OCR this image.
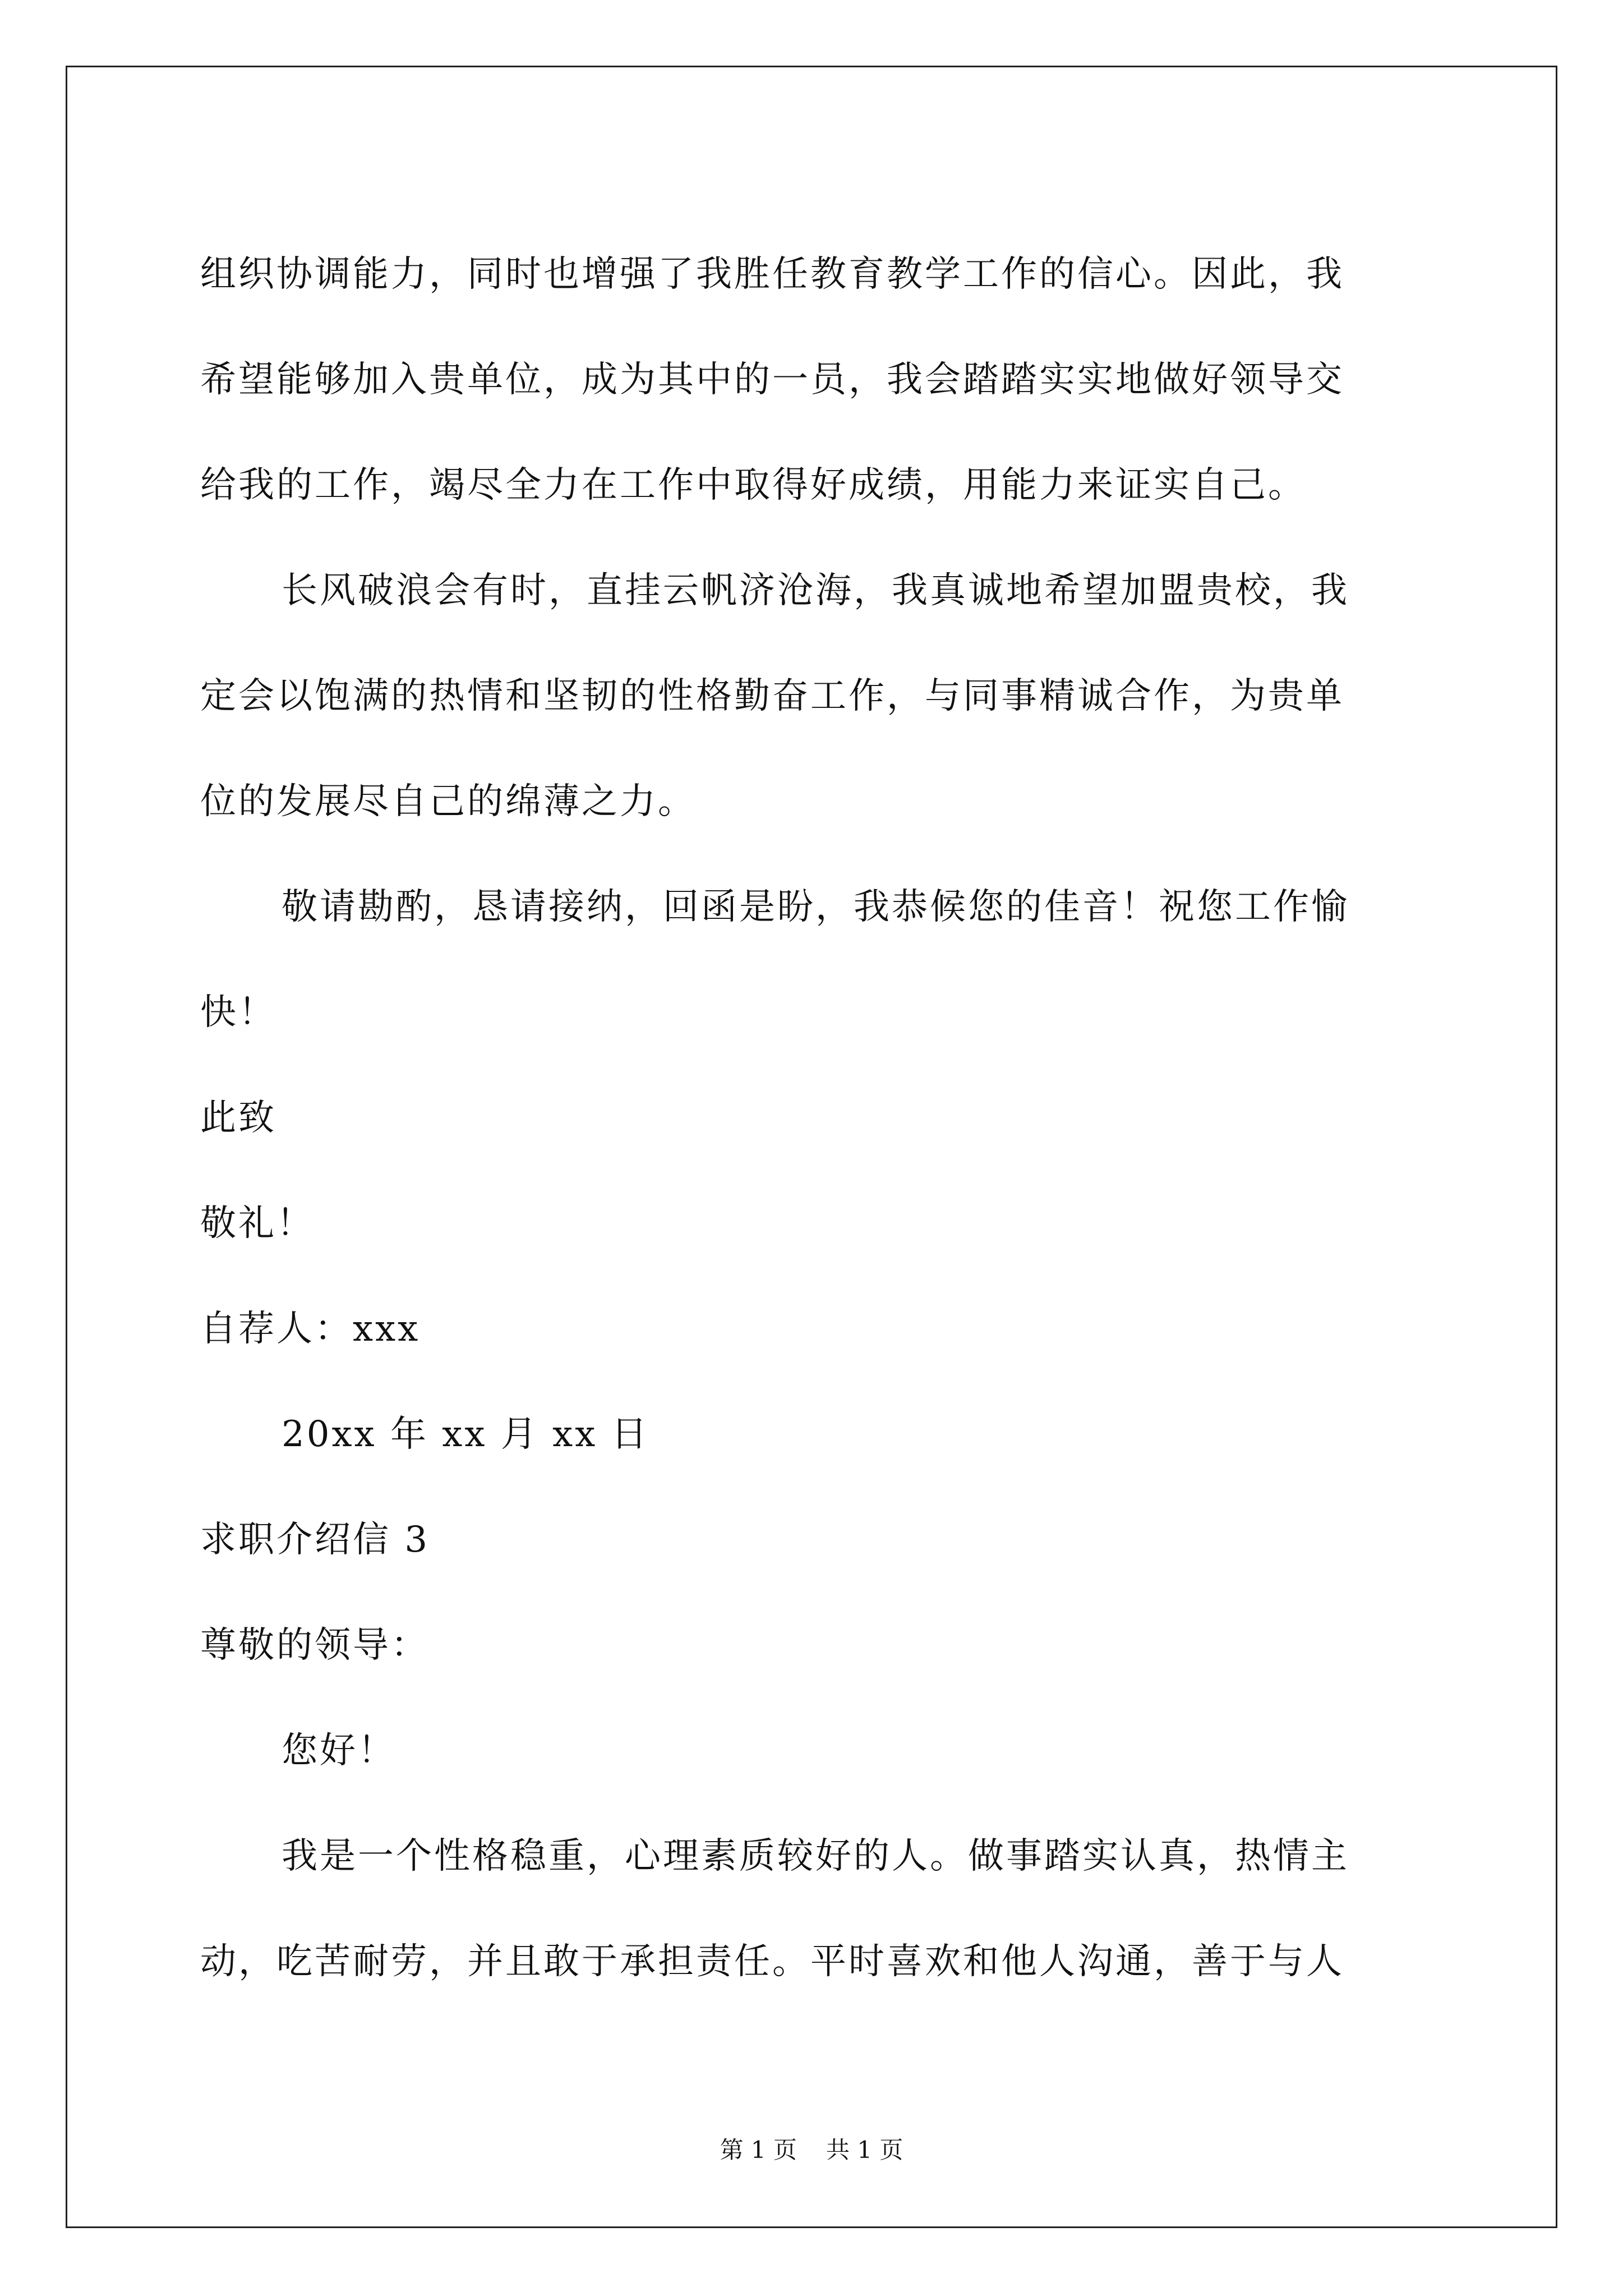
组织协调能力，同时也增强了我胜任教育教学工作的信心。因此，我
希望能够加入贵单位，成为其中的一员，我会踏踏实实地做好领导交
给我的工作，竭尽全力在工作中取得好成绩，用能力来证实自己。
长风破浪会有时，直挂云帆济沧海，我真诚地希望加盟贵校，我
定会以饱满的热情和坚韧的性格勤奋工作，与同事精诚合作，为贵单
位的发展尽自己的绵薄之力。
敬请勘酌，恳请接纳，回函是盼，我恭候您的佳音！祝您工作愉
快！
此致
敬礼！
自荐人：xxx
20xx 年 xx 月 xx 日
求职介绍信 3
尊敬的领导：
您好！
我是一个性格稳重，心理素质较好的人。做事踏实认真，热情主
动，吃苦耐劳，并且敢于承担责任。平时喜欢和他人沟通，善于与人
第 1 页 共 1 页
